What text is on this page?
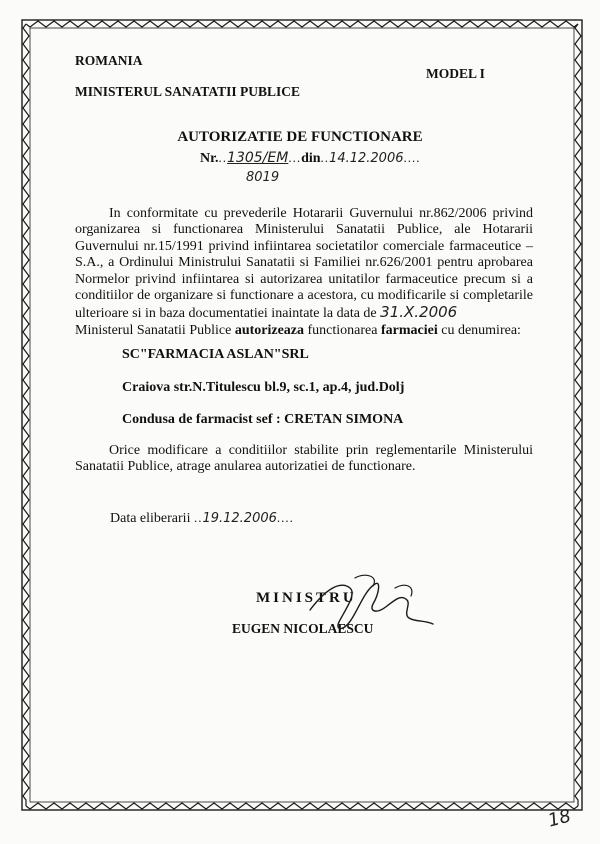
ROMANIA
MINISTERUL SANATATII PUBLICE
MODEL I
AUTORIZATIE DE FUNCTIONARE
Nr...1305/EM...din..14.12.2006....
8019
In conformitate cu prevederile Hotararii Guvernului nr.862/2006 privind organizarea si functionarea Ministerului Sanatatii Publice, ale Hotararii Guvernului nr.15/1991 privind infiintarea societatilor comerciale farmaceutice – S.A., a Ordinului Ministrului Sanatatii si Familiei nr.626/2001 pentru aprobarea Normelor privind infiintarea si autorizarea unitatilor farmaceutice precum si a conditiilor de organizare si functionare a acestora, cu modificarile si completarile ulterioare si in baza documentatiei inaintate la data de 31.X.2006
Ministerul Sanatatii Publice autorizeaza functionarea farmaciei cu denumirea:
SC"FARMACIA ASLAN"SRL
Craiova str.N.Titulescu bl.9, sc.1, ap.4, jud.Dolj
Condusa de farmacist sef : CRETAN SIMONA
Orice modificare a conditiilor stabilite prin reglementarile Ministerului Sanatatii Publice, atrage anularea autorizatiei de functionare.
Data eliberarii ..19.12.2006....
MINISTRU
EUGEN NICOLAESCU
18
